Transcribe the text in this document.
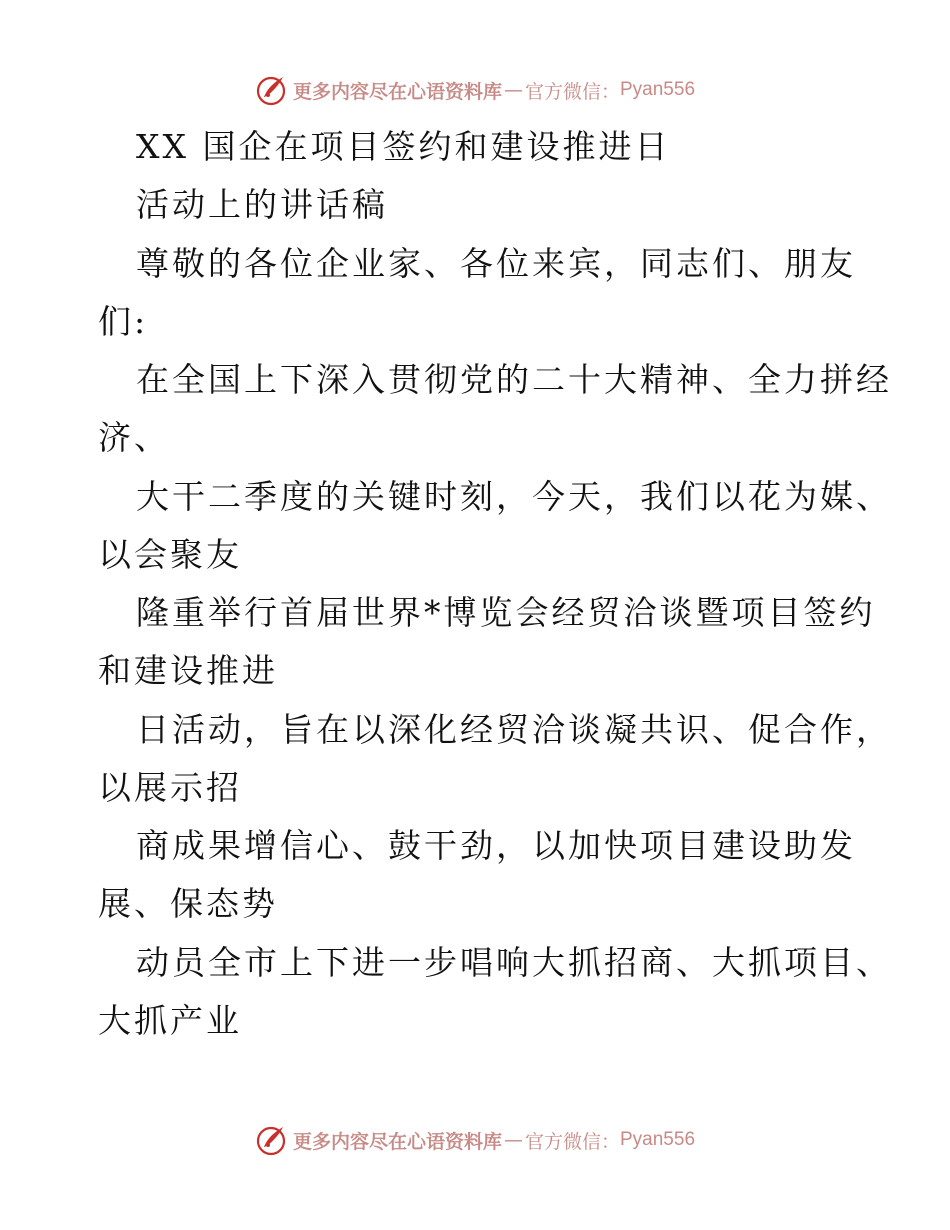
更多内容尽在心语资料库 — 官方微信： Pyan556
XX 国企在项目签约和建设推进日
活动上的讲话稿
尊敬的各位企业家、各位来宾，同志们、朋友
们:
在全国上下深入贯彻党的二十大精神、全力拼经
济、
大干二季度的关键时刻，今天，我们以花为媒、
以会聚友
隆重举行首届世界*博览会经贸洽谈暨项目签约
和建设推进
日活动，旨在以深化经贸洽谈凝共识、促合作，
以展示招
商成果增信心、鼓干劲，以加快项目建设助发
展、保态势
动员全市上下进一步唱响大抓招商、大抓项目、
大抓产业
更多内容尽在心语资料库 — 官方微信： Pyan556
